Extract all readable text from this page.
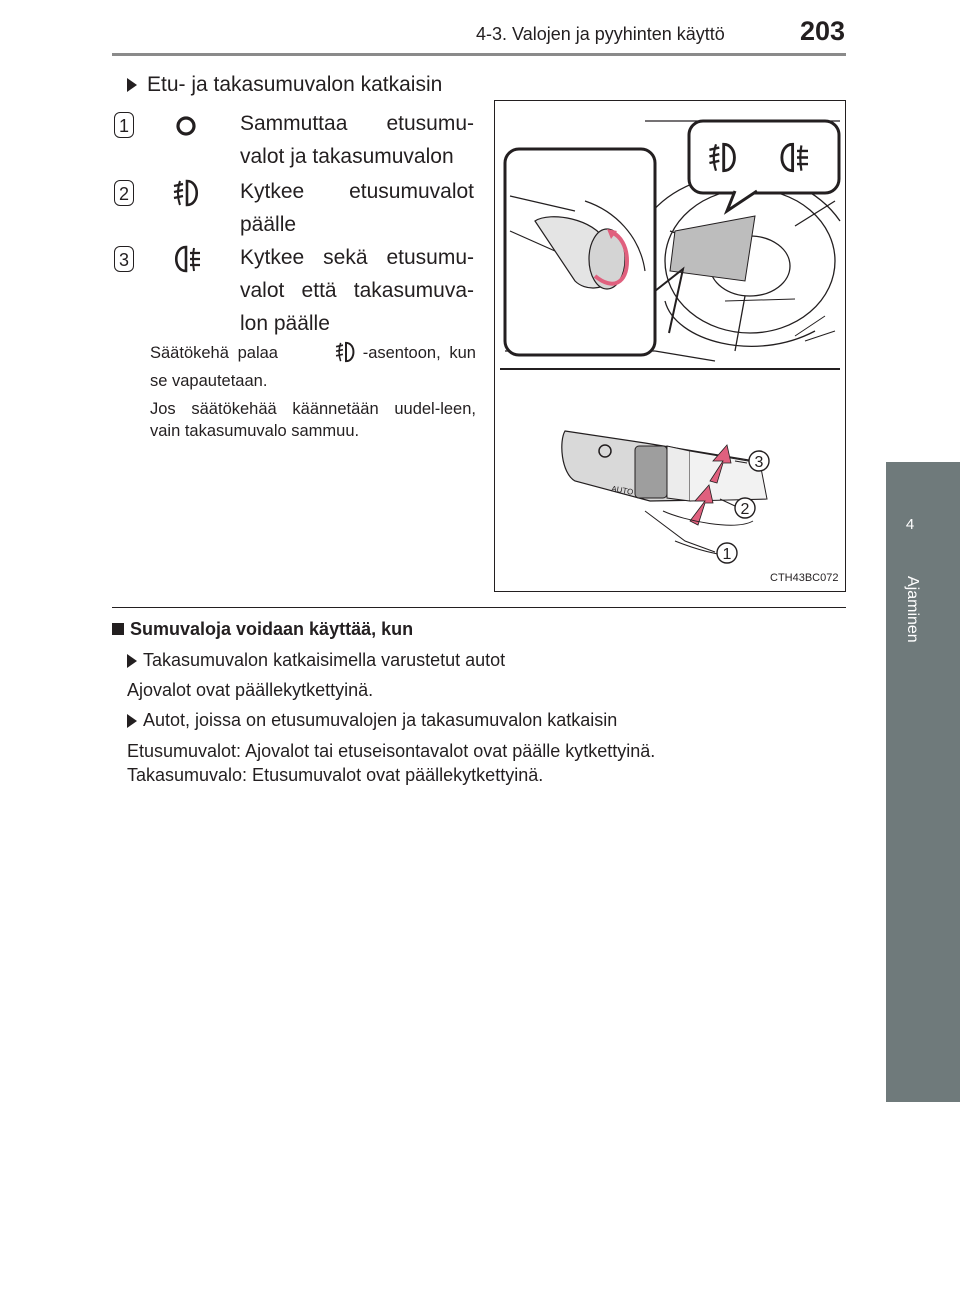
4-3. Valojen ja pyyhinten käyttö	203
4
Ajaminen
Etu- ja takasumuvalon katkaisin
1	Sammuttaa etusumu-valot ja takasumuvalon
2	Kytkee etusumuvalot päälle
3	Kytkee sekä etusumu-valot että takasumuva-lon päälle
Säätökehä palaa	-asentoon, kun se vapautetaan.
Jos säätökehää käännetään uudel-leen, vain takasumuvalo sammuu.
AUTO
3
2
1
CTH43BC072
Sumuvaloja voidaan käyttää, kun
Takasumuvalon katkaisimella varustetut autot
Ajovalot ovat päällekytkettyinä.
Autot, joissa on etusumuvalojen ja takasumuvalon katkaisin
Etusumuvalot: Ajovalot tai etuseisontavalot ovat päälle kytkettyinä.
Takasumuvalo: Etusumuvalot ovat päällekytkettyinä.
